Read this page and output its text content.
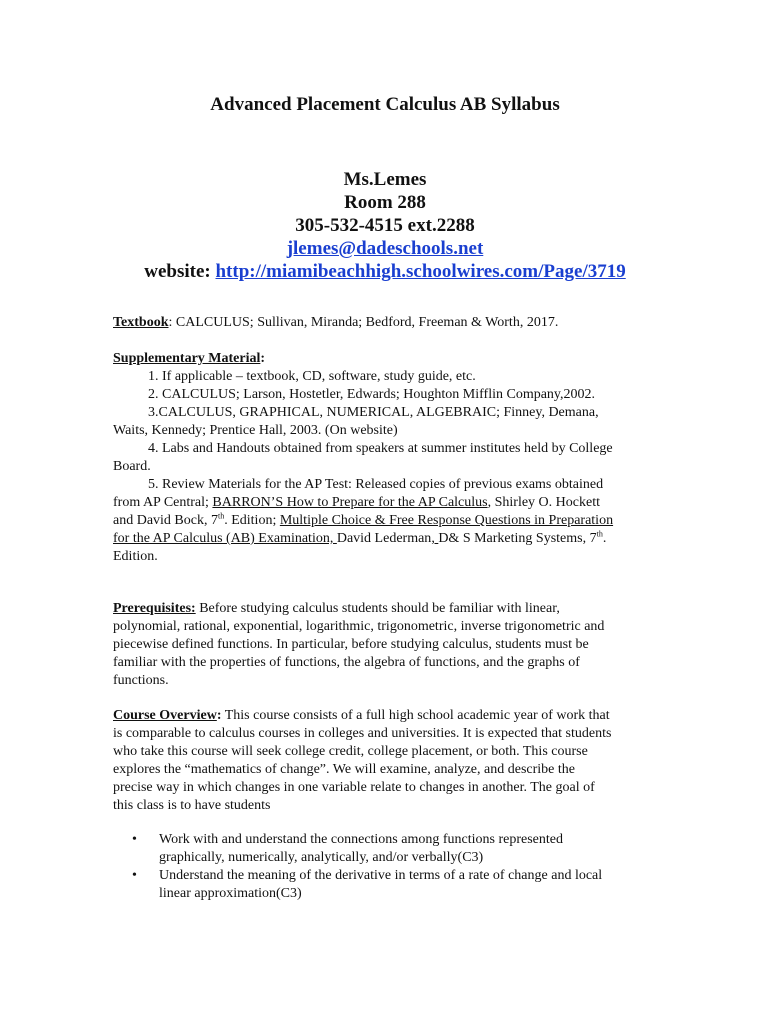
Advanced Placement Calculus AB Syllabus
Ms.Lemes
Room 288
305-532-4515 ext.2288
jlemes@dadeschools.net
website: http://miamibeachhigh.schoolwires.com/Page/3719
Textbook: CALCULUS; Sullivan, Miranda; Bedford, Freeman & Worth, 2017.
Supplementary Material:
1. If applicable – textbook, CD, software, study guide, etc.
2. CALCULUS; Larson, Hostetler, Edwards; Houghton Mifflin Company,2002.
3.CALCULUS, GRAPHICAL, NUMERICAL, ALGEBRAIC; Finney, Demana,
Waits, Kennedy; Prentice Hall, 2003. (On website)
4. Labs and Handouts obtained from speakers at summer institutes held by College
Board.
5. Review Materials for the AP Test: Released copies of previous exams obtained
from AP Central; BARRON’S How to Prepare for the AP Calculus, Shirley O. Hockett
and David Bock, 7th. Edition; Multiple Choice & Free Response Questions in Preparation
for the AP Calculus (AB) Examination, David Lederman, D& S Marketing Systems, 7th.
Edition.
Prerequisites: Before studying calculus students should be familiar with linear,
polynomial, rational, exponential, logarithmic, trigonometric, inverse trigonometric and
piecewise defined functions. In particular, before studying calculus, students must be
familiar with the properties of functions, the algebra of functions, and the graphs of
functions.
Course Overview: This course consists of a full high school academic year of work that
is comparable to calculus courses in colleges and universities. It is expected that students
who take this course will seek college credit, college placement, or both. This course
explores the “mathematics of change”. We will examine, analyze, and describe the
precise way in which changes in one variable relate to changes in another. The goal of
this class is to have students
• Work with and understand the connections among functions represented
graphically, numerically, analytically, and/or verbally(C3)
• Understand the meaning of the derivative in terms of a rate of change and local
linear approximation(C3)
